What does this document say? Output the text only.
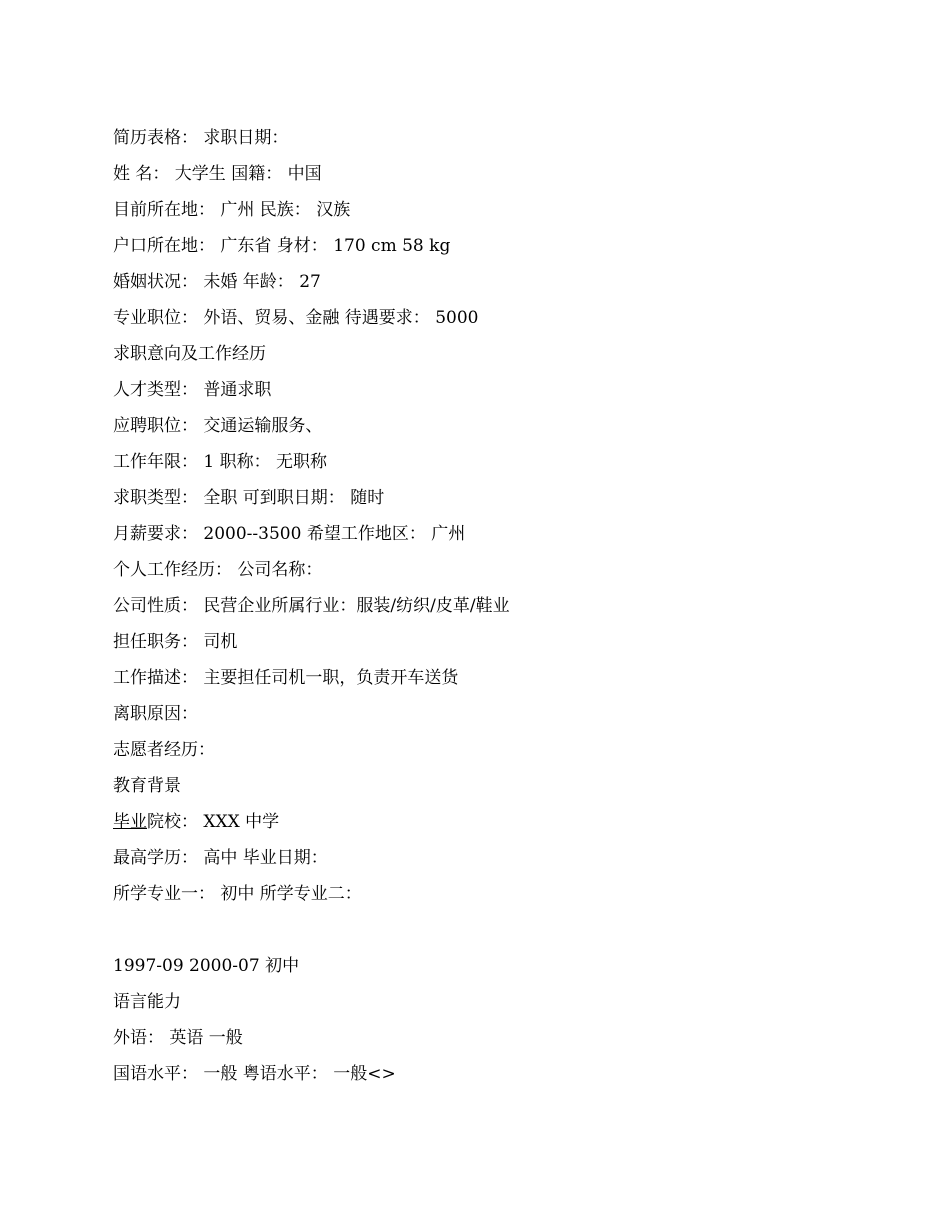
简历表格： 求职日期：
姓 名： 大学生 国籍： 中国
目前所在地： 广州 民族： 汉族
户口所在地： 广东省 身材： 170 cm 58 kg
婚姻状况： 未婚 年龄： 27
专业职位： 外语、贸易、金融 待遇要求： 5000
求职意向及工作经历
人才类型： 普通求职
应聘职位： 交通运输服务、
工作年限： 1 职称： 无职称
求职类型： 全职 可到职日期： 随时
月薪要求： 2000--3500 希望工作地区： 广州
个人工作经历： 公司名称：
公司性质： 民营企业所属行业：服装/纺织/皮革/鞋业
担任职务： 司机
工作描述： 主要担任司机一职，负责开车送货
离职原因：
志愿者经历：
教育背景
毕业院校： XXX 中学
最高学历： 高中 毕业日期：
所学专业一： 初中 所学专业二：
1997-09 2000-07 初中
语言能力
外语： 英语 一般
国语水平： 一般 粤语水平： 一般<>
